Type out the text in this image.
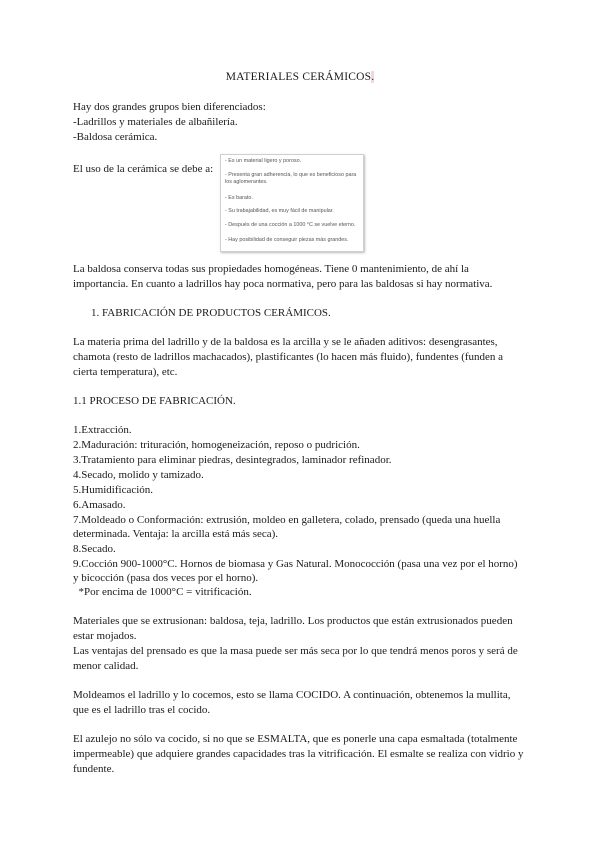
MATERIALES CERÁMICOS.
Hay dos grandes grupos bien diferenciados:
-Ladrillos y materiales de albañilería.
-Baldosa cerámica.
El uso de la cerámica se debe a:
- Es un material ligero y poroso.
- Presenta gran adherencia, lo que es beneficioso para
los aglomerantes.
- Es barato.
- Su trabajabilidad, es muy fácil de manipular.
- Después de una cocción a 1000 °C se vuelve eterno.
- Hay posibilidad de conseguir piezas más grandes.
La baldosa conserva todas sus propiedades homogéneas. Tiene 0 mantenimiento, de ahí la
importancia. En cuanto a ladrillos hay poca normativa, pero para las baldosas si hay normativa.
1. FABRICACIÓN DE PRODUCTOS CERÁMICOS.
La materia prima del ladrillo y de la baldosa es la arcilla y se le añaden aditivos: desengrasantes,
chamota (resto de ladrillos machacados), plastificantes (lo hacen más fluido), fundentes (funden a
cierta temperatura), etc.
1.1 PROCESO DE FABRICACIÓN.
1.Extracción.
2.Maduración: trituración, homogeneización, reposo o pudrición.
3.Tratamiento para eliminar piedras, desintegrados, laminador refinador.
4.Secado, molido y tamizado.
5.Humidificación.
6.Amasado.
7.Moldeado o Conformación: extrusión, moldeo en galletera, colado, prensado (queda una huella
determinada. Ventaja: la arcilla está más seca).
8.Secado.
9.Cocción 900-1000°C. Hornos de biomasa y Gas Natural. Monococción (pasa una vez por el horno)
y bicocción (pasa dos veces por el horno).
*Por encima de 1000°C = vitrificación.
Materiales que se extrusionan: baldosa, teja, ladrillo. Los productos que están extrusionados pueden
estar mojados.
Las ventajas del prensado es que la masa puede ser más seca por lo que tendrá menos poros y será de
menor calidad.
Moldeamos el ladrillo y lo cocemos, esto se llama COCIDO. A continuación, obtenemos la mullita,
que es el ladrillo tras el cocido.
El azulejo no sólo va cocido, si no que se ESMALTA, que es ponerle una capa esmaltada (totalmente
impermeable) que adquiere grandes capacidades tras la vitrificación. El esmalte se realiza con vidrio y
fundente.
